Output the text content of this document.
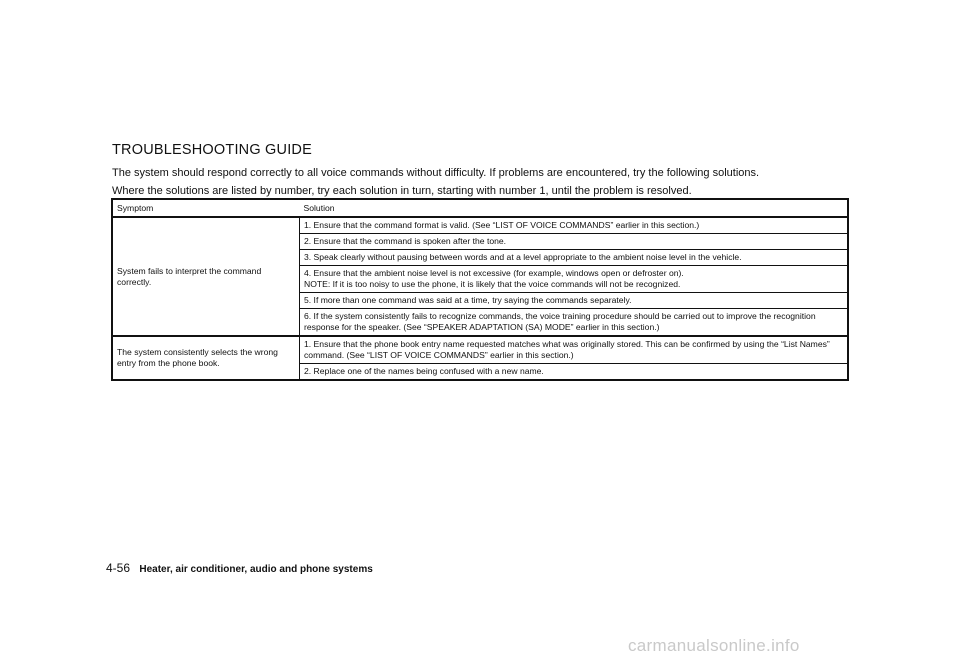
TROUBLESHOOTING GUIDE

The system should respond correctly to all voice commands without difficulty. If problems are encountered, try the following solutions.

Where the solutions are listed by number, try each solution in turn, starting with number 1, until the problem is resolved.

Symptom	Solution
System fails to interpret the command correctly.	1. Ensure that the command format is valid. (See “LIST OF VOICE COMMANDS” earlier in this section.)
	2. Ensure that the command is spoken after the tone.
	3. Speak clearly without pausing between words and at a level appropriate to the ambient noise level in the vehicle.

	4. Ensure that the ambient noise level is not excessive (for example, windows open or defroster on).
NOTE: If it is too noisy to use the phone, it is likely that the voice commands will not be recognized.

	5. If more than one command was said at a time, try saying the commands separately.
	6. If the system consistently fails to recognize commands, the voice training procedure should be carried out to improve the recognition response for the speaker. (See “SPEAKER ADAPTATION (SA) MODE” earlier in this section.)
The system consistently selects the wrong entry from the phone book.	1. Ensure that the phone book entry name requested matches what was originally stored. This can be confirmed by using the “List Names” command. (See “LIST OF VOICE COMMANDS” earlier in this section.)
	2. Replace one of the names being confused with a new name.
4-56 Heater, air conditioner, audio and phone systems
carmanualsonline.info
